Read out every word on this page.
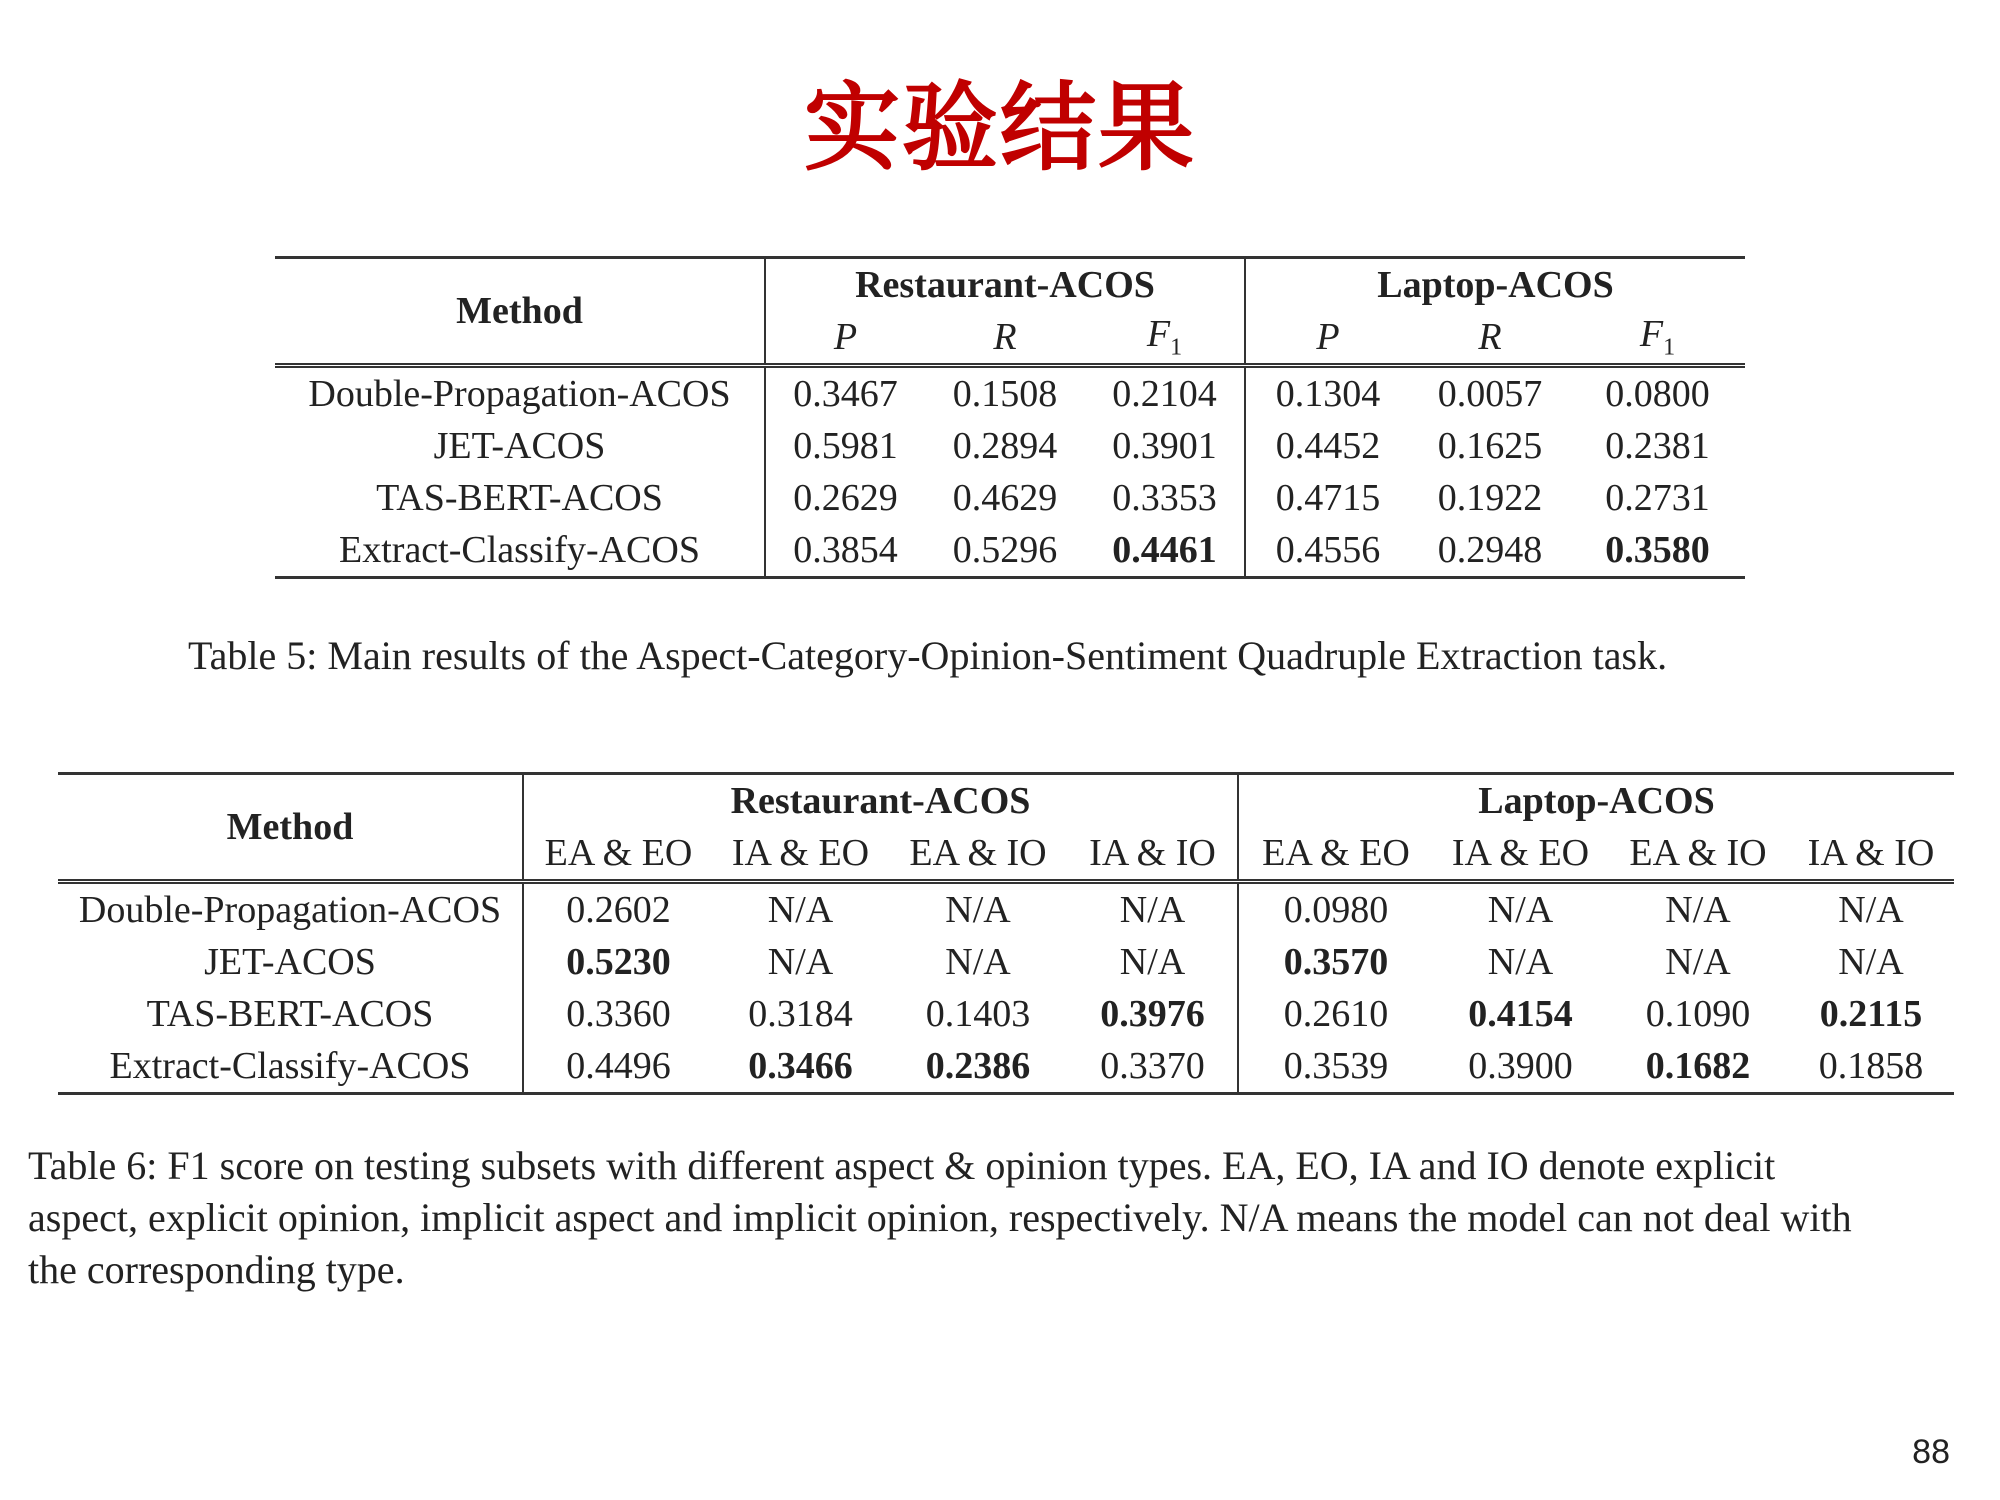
实验结果
Method	Restaurant-ACOS			Laptop-ACOS		
	P	R	$F_1$	P	R	$F_1$
Double-Propagation-ACOS	0.3467	0.1508	0.2104	0.1304	0.0057	0.0800
JET-ACOS	0.5981	0.2894	0.3901	0.4452	0.1625	0.2381
TAS-BERT-ACOS	0.2629	0.4629	0.3353	0.4715	0.1922	0.2731
Extract-Classify-ACOS	0.3854	0.5296	0.4461	0.4556	0.2948	0.3580
Table 5: Main results of the Aspect-Category-Opinion-Sentiment Quadruple Extraction task.
Method	Restaurant-ACOS				Laptop-ACOS			
	EA & EO	IA & EO	EA & IO	IA & IO	EA & EO	IA & EO	EA & IO	IA & IO
Double-Propagation-ACOS	0.2602	N/A	N/A	N/A	0.0980	N/A	N/A	N/A
JET-ACOS	0.5230	N/A	N/A	N/A	0.3570	N/A	N/A	N/A
TAS-BERT-ACOS	0.3360	0.3184	0.1403	0.3976	0.2610	0.4154	0.1090	0.2115
Extract-Classify-ACOS	0.4496	0.3466	0.2386	0.3370	0.3539	0.3900	0.1682	0.1858
Table 6: F1 score on testing subsets with different aspect & opinion types. EA, EO, IA and IO denote explicit
aspect, explicit opinion, implicit aspect and implicit opinion, respectively. N/A means the model can not deal with
the corresponding type.
88
